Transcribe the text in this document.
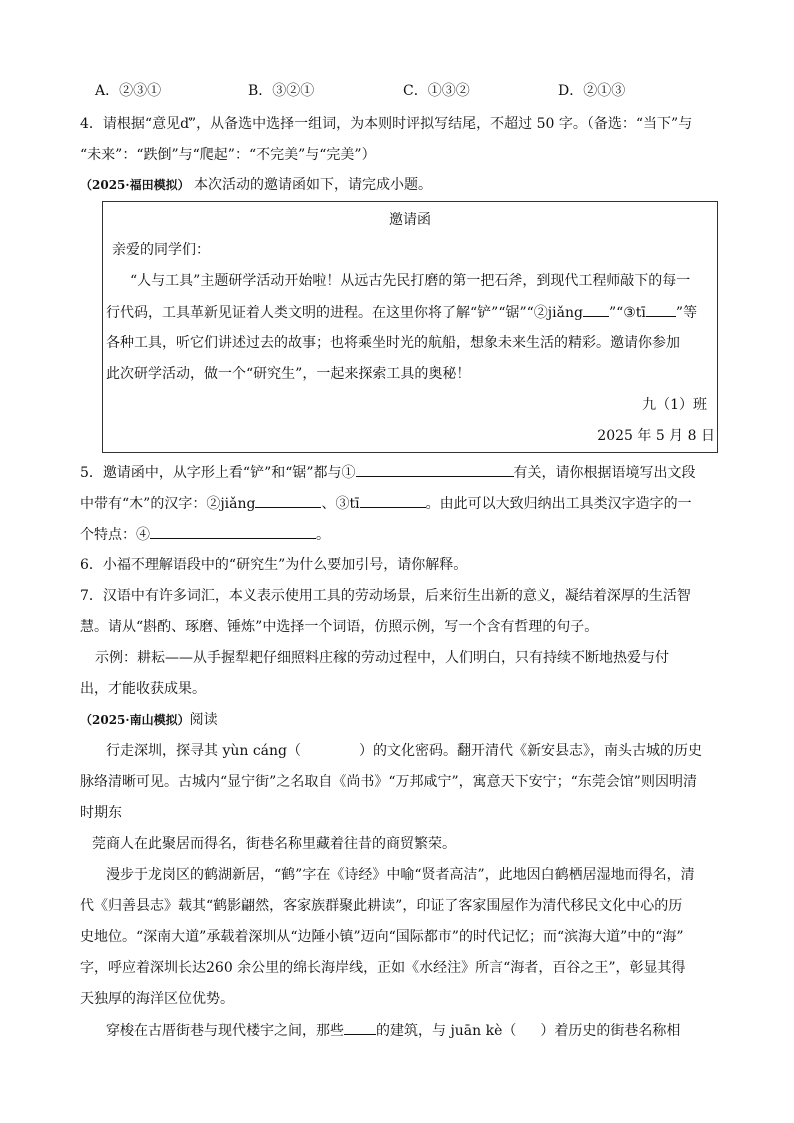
A．②③①	B．③②①	C．①③②	D．②①③
4．请根据“意见ď”，从备选中选择一组词，为本则时评拟写结尾，不超过 50 字。（备选：“当下”与
“未来”：“跌倒”与“爬起”：“不完美”与“完美”）
（2025·福田模拟） 本次活动的邀请函如下，请完成小题。
邀请函
亲爱的同学们：
“人与工具”主题研学活动开始啦！从远古先民打磨的第一把石斧，到现代工程师敲下的每一
行代码，工具革新见证着人类文明的进程。在这里你将了解“铲”“锯”“②jiǎng ”“③tī ”等
各种工具，听它们讲述过去的故事；也将乘坐时光的航船，想象未来生活的精彩。邀请你参加
此次研学活动，做一个“研究生”，一起来探索工具的奥秘！
九（1）班
2025 年 5 月 8 日
5．邀请函中，从字形上看“铲”和“锯”都与①	有关，请你根据语境写出文段
中带有“木”的汉字：②jiǎng	、③tī	。由此可以大致归纳出工具类汉字造字的一
个特点：④	。
6．小福不理解语段中的“研究生”为什么要加引号，请你解释。
7．汉语中有许多词汇，本义表示使用工具的劳动场景，后来衍生出新的意义，凝结着深厚的生活智
慧。请从“斟酌、琢磨、锤炼”中选择一个词语，仿照示例，写一个含有哲理的句子。
示例：耕耘——从手握犁耙仔细照料庄稼的劳动过程中，人们明白，只有持续不断地热爱与付
出，才能收获成果。
（2025·南山模拟）阅读
行走深圳，探寻其 yùn cáng（	）的文化密码。翻开清代《新安县志》，南头古城的历史
脉络清晰可见。古城内“显宁街”之名取自《尚书》“万邦咸宁”，寓意天下安宁；“东莞会馆”则因明清
时期东
莞商人在此聚居而得名，街巷名称里藏着往昔的商贸繁荣。
漫步于龙岗区的鹤湖新居，“鹤”字在《诗经》中喻“贤者高洁”，此地因白鹤栖居湿地而得名，清
代《归善县志》载其“鹤影翩然，客家族群聚此耕读”，印证了客家围屋作为清代移民文化中心的历
史地位。“深南大道”承载着深圳从“边陲小镇”迈向“国际都市”的时代记忆；而“滨海大道”中的“海”
字，呼应着深圳长达260 余公里的绵长海岸线，正如《水经注》所言“海者，百谷之王”，彰显其得
天独厚的海洋区位优势。
穿梭在古厝街巷与现代楼宇之间，那些 的建筑，与 juān kè（ ）着历史的街巷名称相
